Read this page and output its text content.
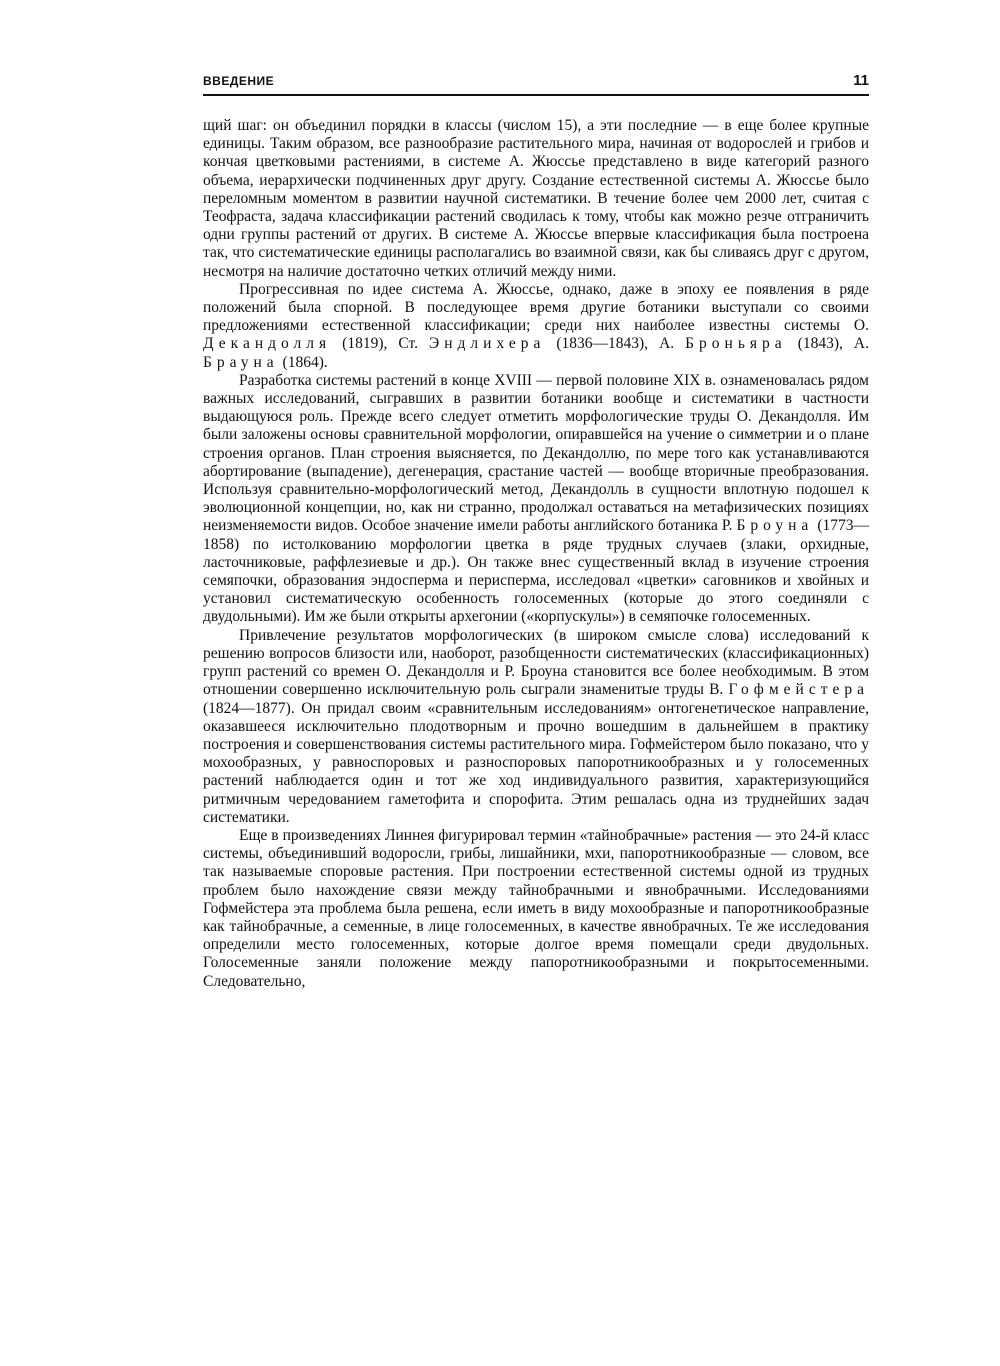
ВВЕДЕНИЕ	11

щий шаг: он объединил порядки в классы (числом 15), а эти последние — в еще более крупные единицы. Таким образом, все разнообразие растительного мира, начиная от водорослей и грибов и кончая цветковыми растениями, в системе А. Жюссье представлено в виде категорий разного объема, иерархически подчиненных друг другу. Создание естественной системы А. Жюссье было переломным моментом в развитии научной систематики. В течение более чем 2000 лет, считая с Теофраста, задача классификации растений сводилась к тому, чтобы как можно резче отграничить одни группы растений от других. В системе А. Жюссье впервые классификация была построена так, что систематические единицы располагались во взаимной связи, как бы сливаясь друг с другом, несмотря на наличие достаточно четких отличий между ними.

Прогрессивная по идее система А. Жюссье, однако, даже в эпоху ее появления в ряде положений была спорной. В последующее время другие ботаники выступали со своими предложениями естественной классификации; среди них наиболее известны системы О. Декандолля (1819), Ст. Эндлихера (1836—1843), А. Броньяра (1843), А. Брауна (1864).

Разработка системы растений в конце XVIII — первой половине XIX в. ознаменовалась рядом важных исследований, сыгравших в развитии ботаники вообще и систематики в частности выдающуюся роль. Прежде всего следует отметить морфологические труды О. Декандолля. Им были заложены основы сравнительной морфологии, опиравшейся на учение о симметрии и о плане строения органов. План строения выясняется, по Декандоллю, по мере того как устанавливаются абортирование (выпадение), дегенерация, срастание частей — вообще вторичные преобразования. Используя сравнительно-морфологический метод, Декандолль в сущности вплотную подошел к эволюционной концепции, но, как ни странно, продолжал оставаться на метафизических позициях неизменяемости видов. Особое значение имели работы английского ботаника Р. Броуна (1773—1858) по истолкованию морфологии цветка в ряде трудных случаев (злаки, орхидные, ласточниковые, раффлезиевые и др.). Он также внес существенный вклад в изучение строения семяпочки, образования эндосперма и перисперма, исследовал «цветки» саговников и хвойных и установил систематическую особенность голосеменных (которые до этого соединяли с двудольными). Им же были открыты архегонии («корпускулы») в семяпочке голосеменных.

Привлечение результатов морфологических (в широком смысле слова) исследований к решению вопросов близости или, наоборот, разобщенности систематических (классификационных) групп растений со времен О. Декандолля и Р. Броуна становится все более необходимым. В этом отношении совершенно исключительную роль сыграли знаменитые труды В. Гофмейстера (1824—1877). Он придал своим «сравнительным исследованиям» онтогенетическое направление, оказавшееся исключительно плодотворным и прочно вошедшим в дальнейшем в практику построения и совершенствования системы растительного мира. Гофмейстером было показано, что у мохообразных, у равноспоровых и разноспоровых папоротникообразных и у голосеменных растений наблюдается один и тот же ход индивидуального развития, характеризующийся ритмичным чередованием гаметофита и спорофита. Этим решалась одна из труднейших задач систематики.

Еще в произведениях Линнея фигурировал термин «тайнобрачные» растения — это 24-й класс системы, объединивший водоросли, грибы, лишайники, мхи, папоротникообразные — словом, все так называемые споровые растения. При построении естественной системы одной из трудных проблем было нахождение связи между тайнобрачными и явнобрачными. Исследованиями Гофмейстера эта проблема была решена, если иметь в виду мохообразные и папоротникообразные как тайнобрачные, а семенные, в лице голосеменных, в качестве явнобрачных. Те же исследования определили место голосеменных, которые долгое время помещали среди двудольных. Голосеменные заняли положение между папоротникообразными и покрытосеменными. Следовательно,
